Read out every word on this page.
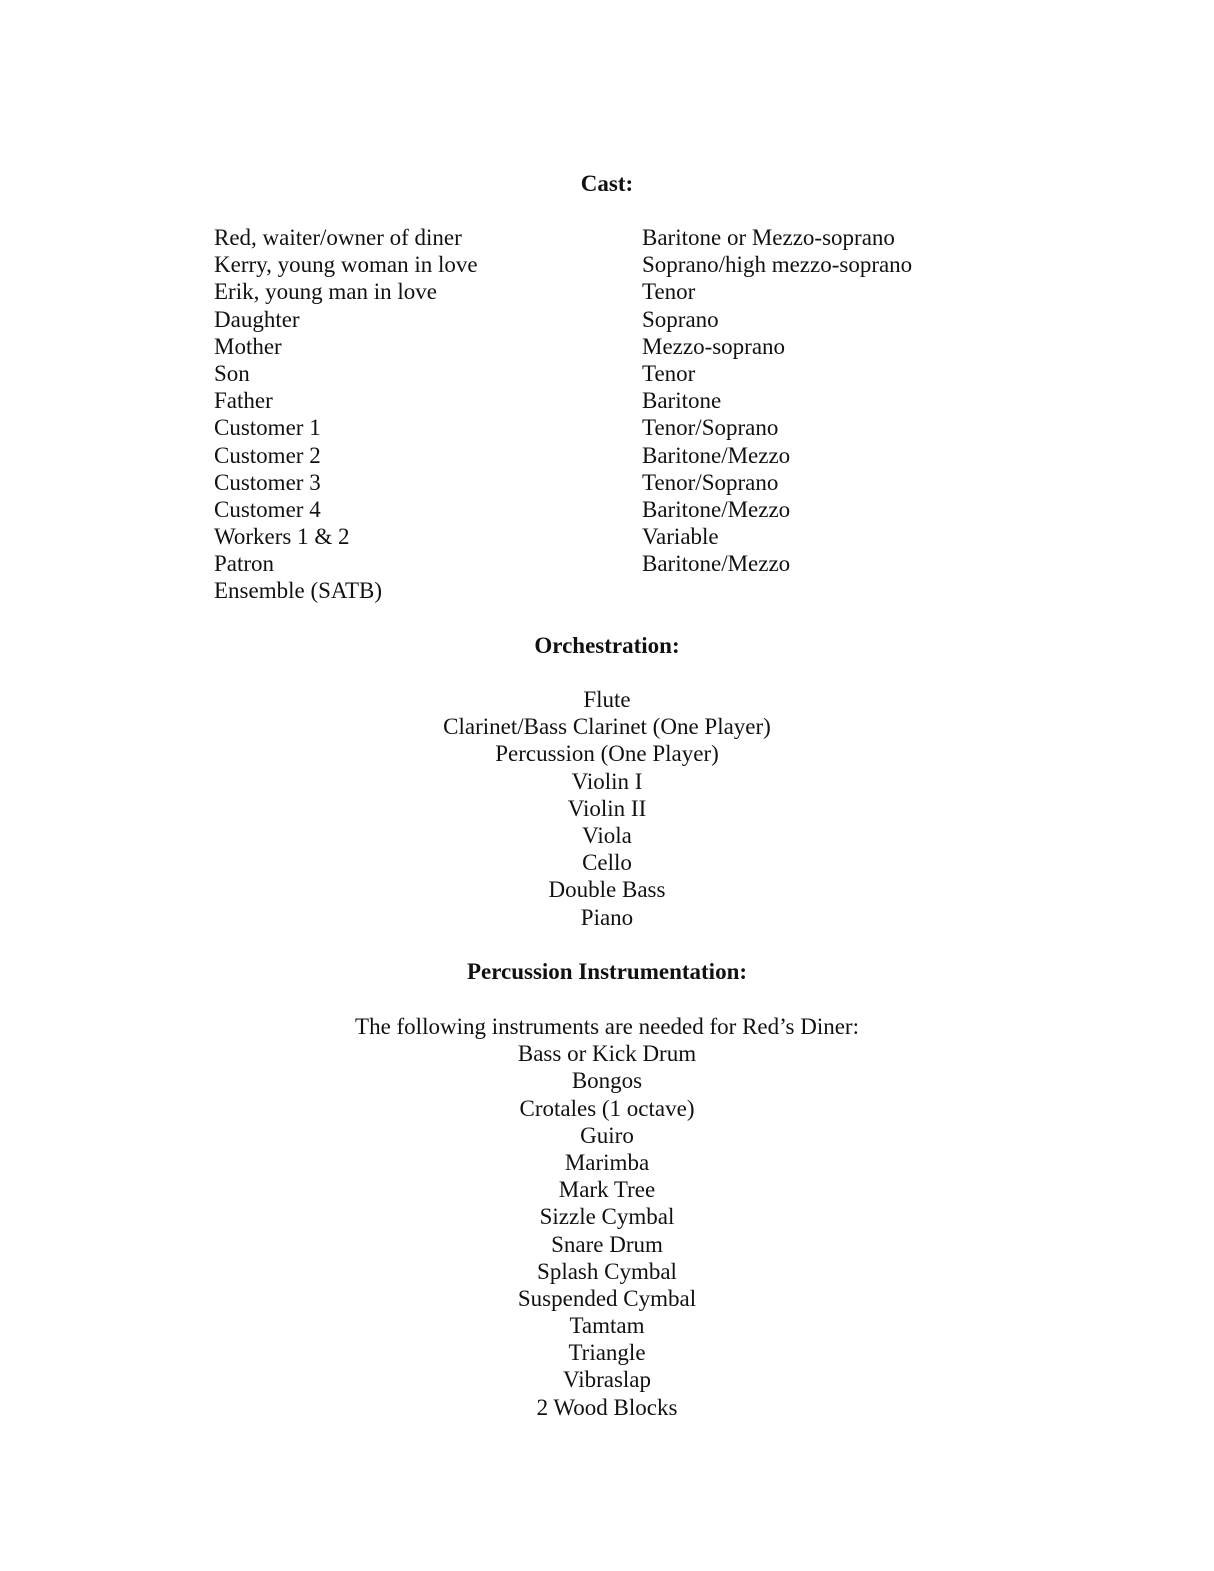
Cast:
Red, waiter/owner of diner	Baritone or Mezzo-soprano
Kerry, young woman in love	Soprano/high mezzo-soprano
Erik, young man in love	Tenor
Daughter	Soprano
Mother	Mezzo-soprano
Son	Tenor
Father	Baritone
Customer 1	Tenor/Soprano
Customer 2	Baritone/Mezzo
Customer 3	Tenor/Soprano
Customer 4	Baritone/Mezzo
Workers 1 & 2	Variable
Patron	Baritone/Mezzo
Ensemble (SATB)
Orchestration:
Flute
Clarinet/Bass Clarinet (One Player)
Percussion (One Player)
Violin I
Violin II
Viola
Cello
Double Bass
Piano
Percussion Instrumentation:
The following instruments are needed for Red’s Diner:
Bass or Kick Drum
Bongos
Crotales (1 octave)
Guiro
Marimba
Mark Tree
Sizzle Cymbal
Snare Drum
Splash Cymbal
Suspended Cymbal
Tamtam
Triangle
Vibraslap
2 Wood Blocks
